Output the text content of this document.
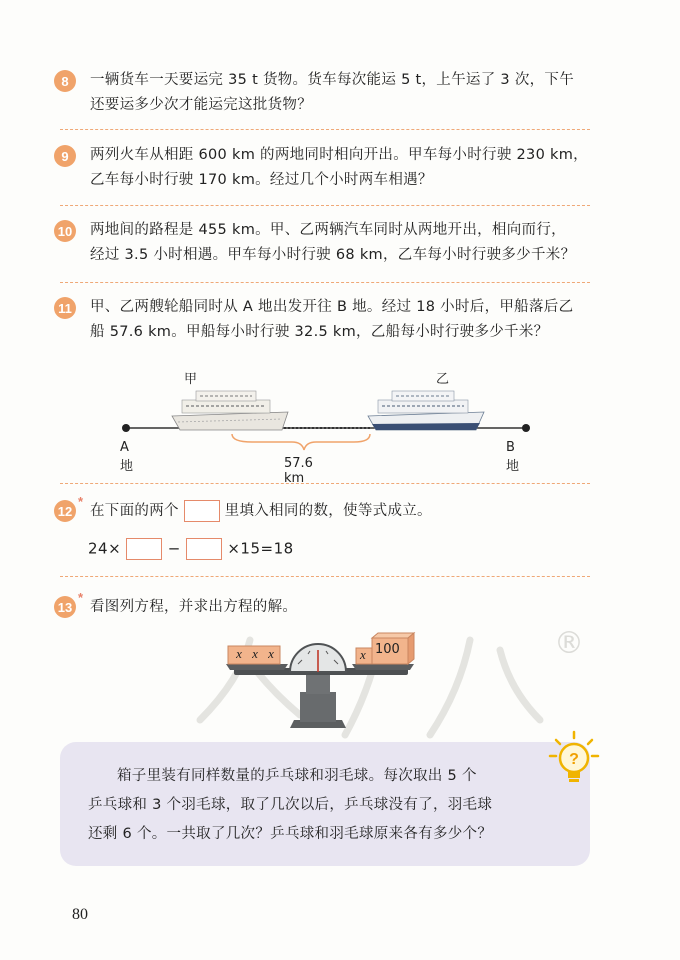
8	一辆货车一天要运完 35 t 货物。货车每次能运 5 t，上午运了 3 次，下午
还要运多少次才能运完这批货物？
9	两列火车从相距 600 km 的两地同时相向开出。甲车每小时行驶 230 km，
乙车每小时行驶 170 km。经过几个小时两车相遇？
10 两地间的路程是 455 km。甲、乙两辆汽车同时从两地开出，相向而行，
经过 3.5 小时相遇。甲车每小时行驶 68 km，乙车每小时行驶多少千米？
11 甲、乙两艘轮船同时从 A 地出发开往 B 地。经过 18 小时后，甲船落后乙
船 57.6 km。甲船每小时行驶 32.5 km，乙船每小时行驶多少千米？
甲	乙
A 地
B 地
57.6 km
12 * 在下面的两个	里填入相同的数，使等式成立。
24×	−	×15=18
13 * 看图列方程，并求出方程的解。
®
x x x	x 100
箱子里装有同样数量的乒乓球和羽毛球。每次取出 5 个
乒乓球和 3 个羽毛球，取了几次以后，乒乓球没有了，羽毛球
还剩 6 个。一共取了几次？乒乓球和羽毛球原来各有多少个？
?
80
